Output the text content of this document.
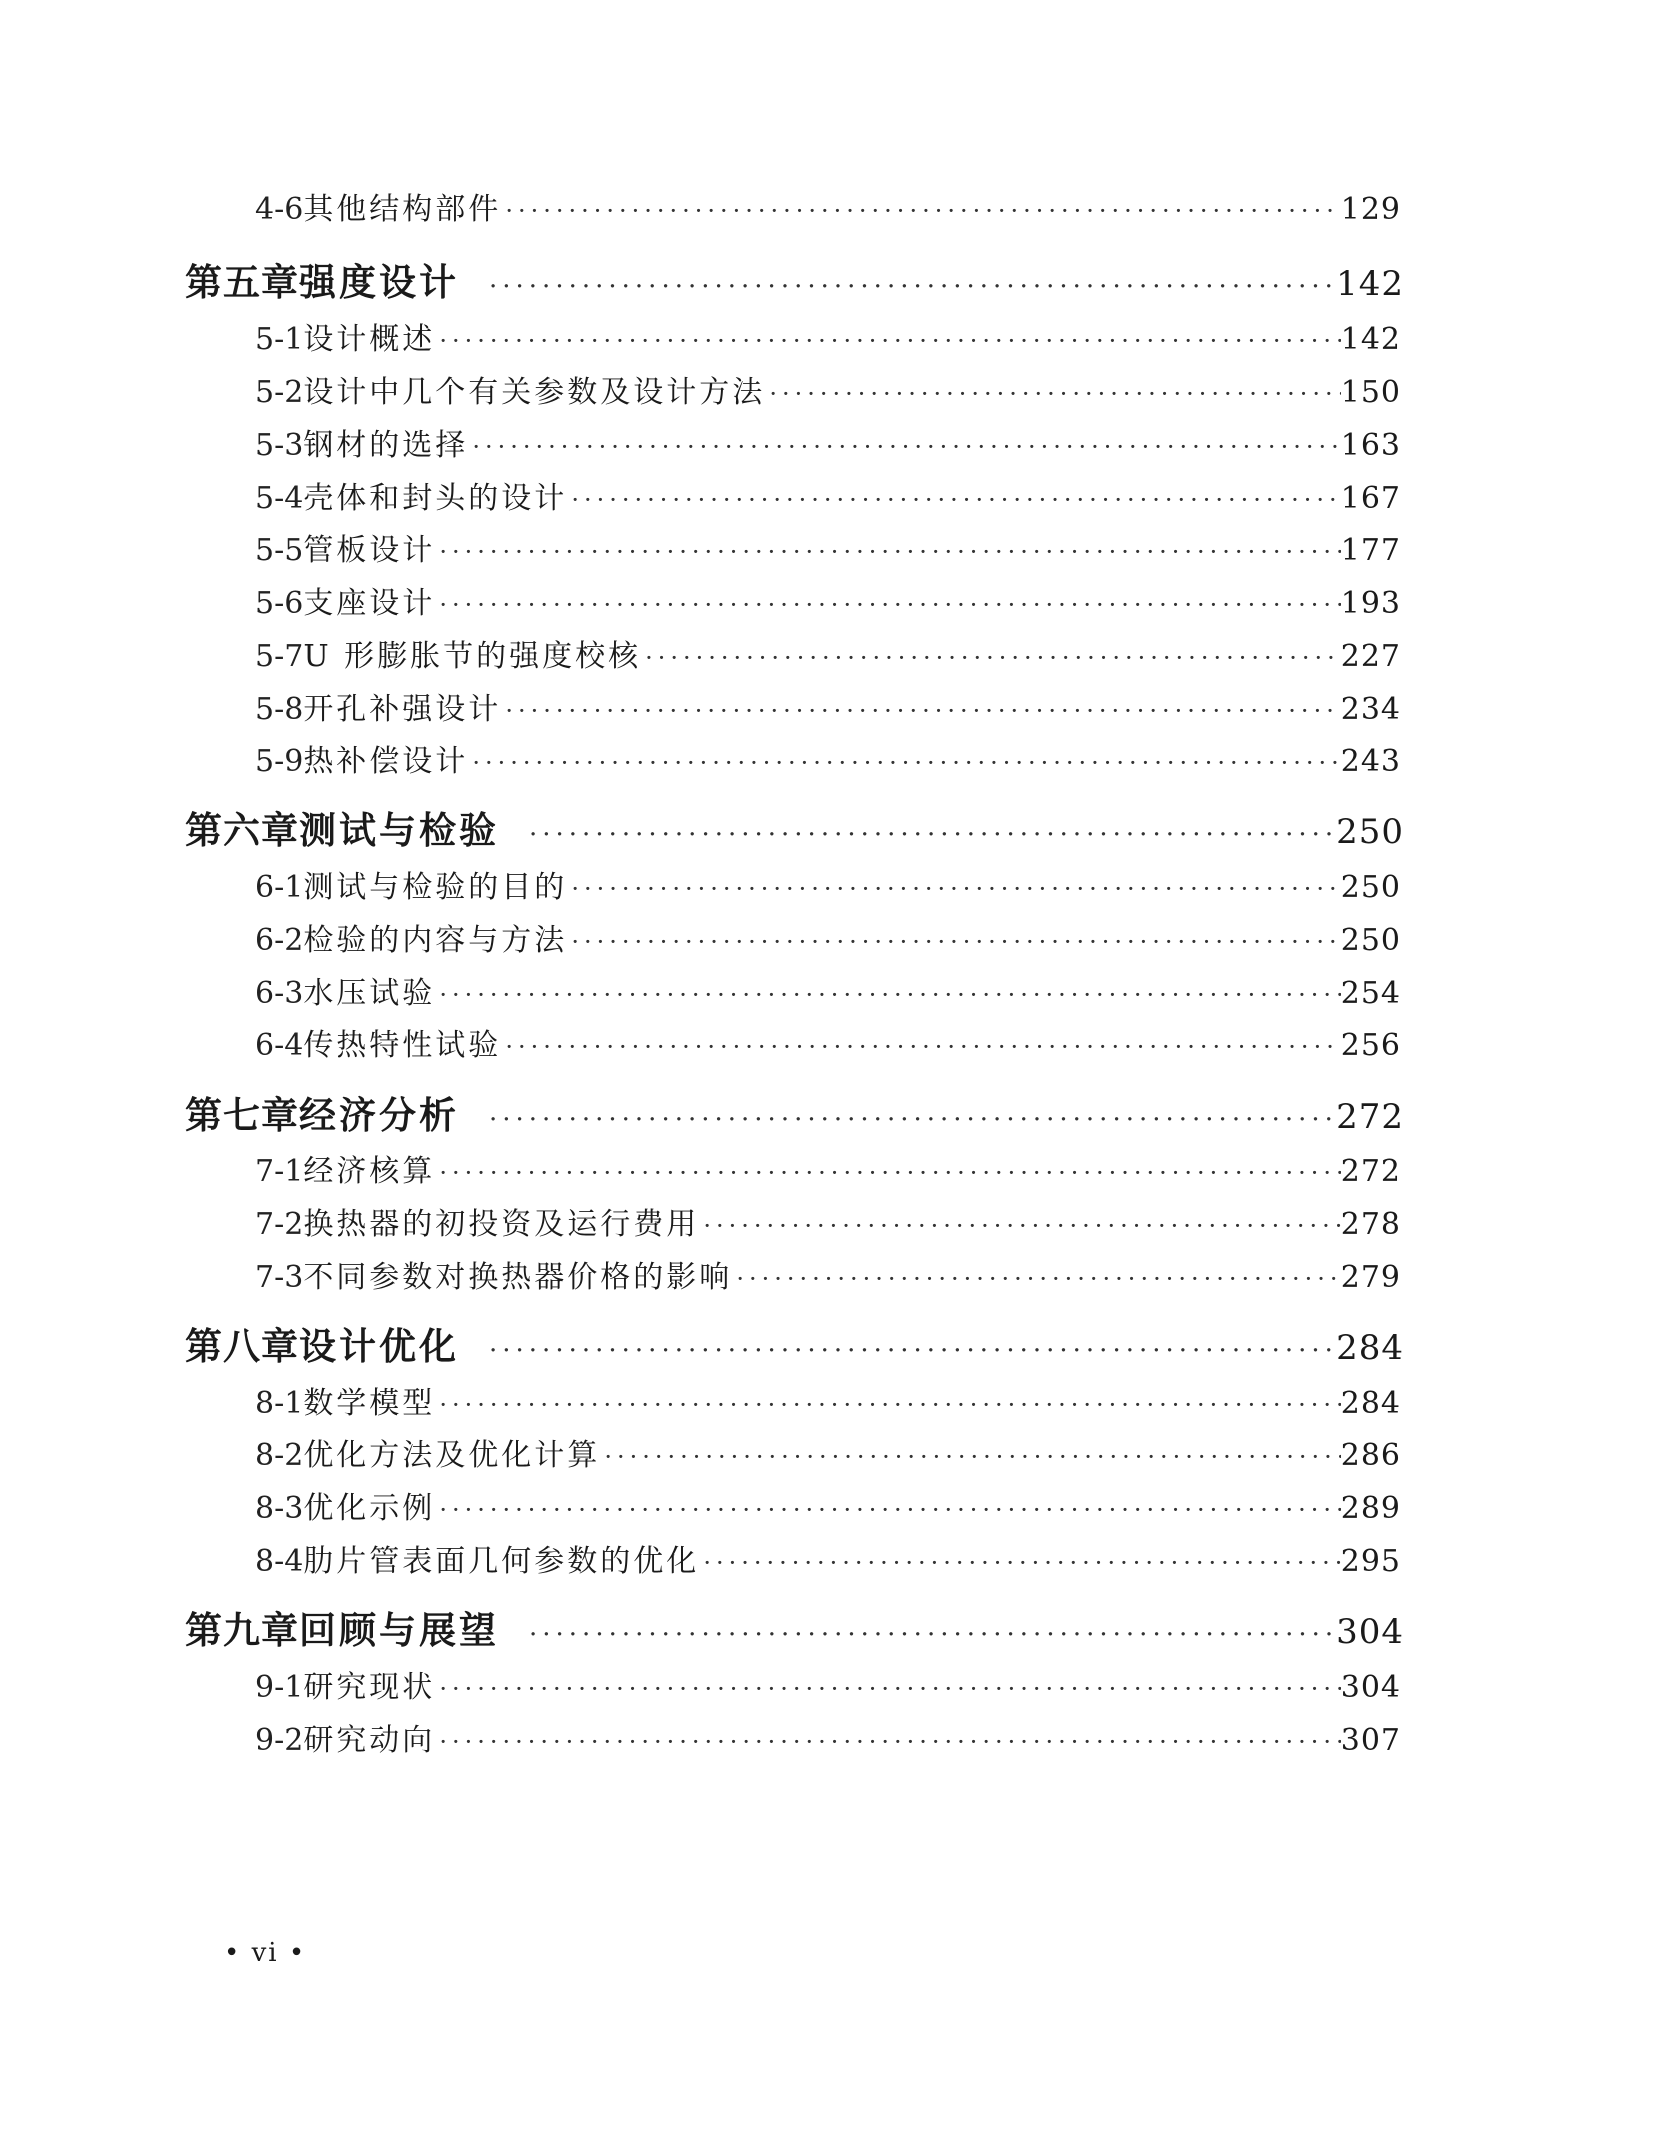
4-6 其他结构部件 ·····	129
第五章 强度设计 ·····	142
5-1 设计概述 ·····	142
5-2 设计中几个有关参数及设计方法 ·····	150
5-3 钢材的选择 ·····	163
5-4 壳体和封头的设计 ·····	167
5-5 管板设计 ·····	177
5-6 支座设计 ·····	193
5-7 U 形膨胀节的强度校核 ·····	227
5-8 开孔补强设计 ·····	234
5-9 热补偿设计 ·····	243
第六章 测试与检验 ·····	250
6-1 测试与检验的目的 ·····	250
6-2 检验的内容与方法 ·····	250
6-3 水压试验 ·····	254
6-4 传热特性试验 ·····	256
第七章 经济分析 ·····	272
7-1 经济核算 ·····	272
7-2 换热器的初投资及运行费用 ·····	278
7-3 不同参数对换热器价格的影响 ·····	279
第八章 设计优化 ·····	284
8-1 数学模型 ·····	284
8-2 优化方法及优化计算 ·····	286
8-3 优化示例 ·····	289
8-4 肋片管表面几何参数的优化 ·····	295
第九章 回顾与展望 ·····	304
9-1 研究现状 ·····	304
9-2 研究动向 ·····	307
• vi •
